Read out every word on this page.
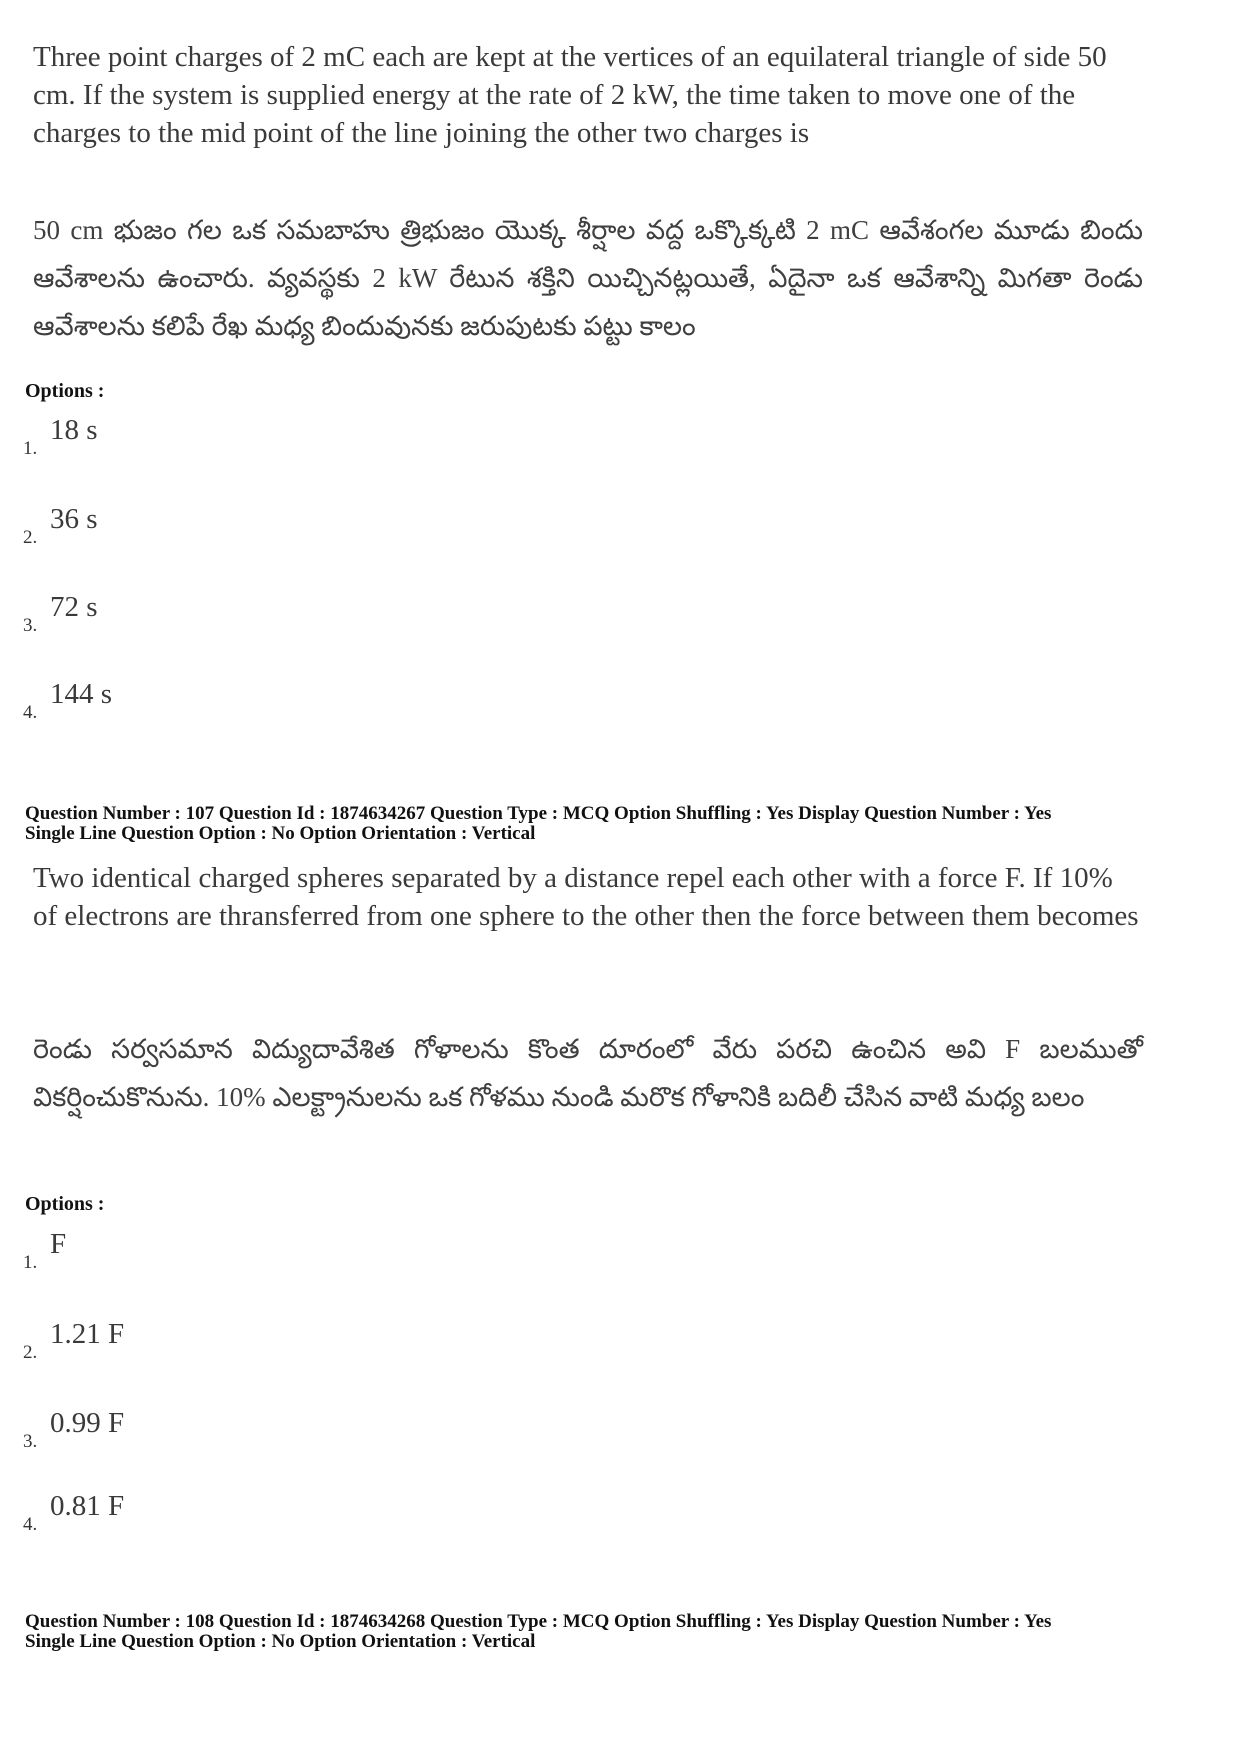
Three point charges of 2 mC each are kept at the vertices of an equilateral triangle of side 50 cm. If the system is supplied energy at the rate of 2 kW, the time taken to move one of the charges to the mid point of the line joining the other two charges is

50 cm భుజం గల ఒక సమబాహు త్రిభుజం యొక్క శీర్షాల వద్ద ఒక్కొక్కటి 2 mC ఆవేశంగల మూడు బిందు ఆవేశాలను ఉంచారు. వ్యవస్థకు 2 kW రేటున శక్తిని యిచ్చినట్లయితే, ఏదైనా ఒక ఆవేశాన్ని మిగతా రెండు ఆవేశాలను కలిపే రేఖ మధ్య బిందువునకు జరుపుటకు పట్టు కాలం

Options :
1.
18 s
2.
36 s
3.
72 s
4.
144 s
Question Number : 107 Question Id : 1874634267 Question Type : MCQ Option Shuffling : Yes Display Question Number : Yes
Single Line Question Option : No Option Orientation : Vertical

Two identical charged spheres separated by a distance repel each other with a force F. If 10% of electrons are thransferred from one sphere to the other then the force between them becomes

రెండు సర్వసమాన విద్యుదావేశిత గోళాలను కొంత దూరంలో వేరు పరచి ఉంచిన అవి F బలముతో వికర్షించుకొనును. 10% ఎలక్ట్రానులను ఒక గోళము నుండి మరొక గోళానికి బదిలీ చేసిన వాటి మధ్య బలం

Options :
1.
F
2.
1.21 F
3.
0.99 F
4.
0.81 F
Question Number : 108 Question Id : 1874634268 Question Type : MCQ Option Shuffling : Yes Display Question Number : Yes
Single Line Question Option : No Option Orientation : Vertical
